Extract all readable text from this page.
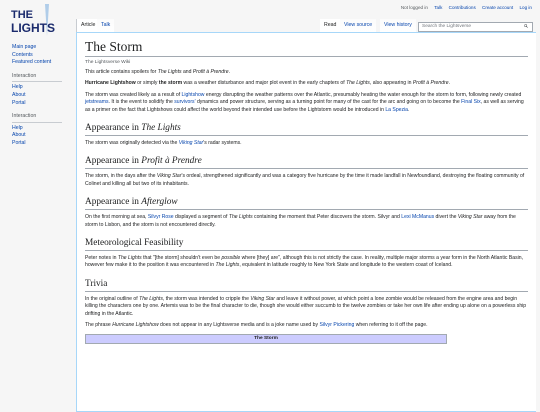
THE
LIGHTS
Not logged in Talk Contributions Create account Log in
Article	Talk	Read	View source	View history	Search the Lightsverse
Main page
Contents
Featured content
Interaction
Help
About
Portal
Interaction
Help
About
Portal
The Storm
The Lightsverse Wiki

This article contains spoilers for The Lights and Profit à Prendre.

Hurricane Lightshow or simply the storm was a weather disturbance and major plot event in the early chapters of The Lights, also appearing in Profit à Prendre.

The storm was created likely as a result of Lightshow energy disrupting the weather patterns over the Atlantic, presumably heating the water enough for the storm to form, following newly created jetstreams. It is the event to solidify the survivors' dynamics and power structure, serving as a turning point for many of the cast for the arc and going on to become the Final Six, as well as serving as a primer on the fact that Lightshows could affect the world beyond their intended use before the Lightstorm would be introduced in La Spezia.

Appearance in The Lights

The storm was originally detected via the Viking Star's radar systems.

Appearance in Profit à Prendre

The storm, in the days after the Viking Star's ordeal, strengthened significantly and was a category five hurricane by the time it made landfall in Newfoundland, destroying the floating community of Colinet and killing all but two of its inhabitants.

Appearance in Afterglow

On the first morning at sea, Silvyr Rose displayed a segment of The Lights containing the moment that Peter discovers the storm. Silvyr and Lexi McManus divert the Viking Star away from the storm to Lisbon, and the storm is not encountered directly.

Meteorological Feasibility

Peter notes in The Lights that "[the storm] shouldn't even be possible where [they] are", although this is not strictly the case. In reality, multiple major storms a year form in the North Atlantic Basin, however few make it to the position it was encountered in The Lights, equivalent in latitude roughly to New York State and longitude to the western coast of Iceland.

Trivia

In the original outline of The Lights, the storm was intended to cripple the Viking Star and leave it without power, at which point a lone zombie would be released from the engine area and begin killing the characters one by one. Artemis was to be the final character to die, though she would either succumb to the twelve zombies or take her own life after ending up alone on a powerless ship drifting in the Atlantic.

The phrase Hurricane Lightshow does not appear in any Lightsverse media and is a joke name used by Silvyr Pickering when referring to it off the page.

The Storm
